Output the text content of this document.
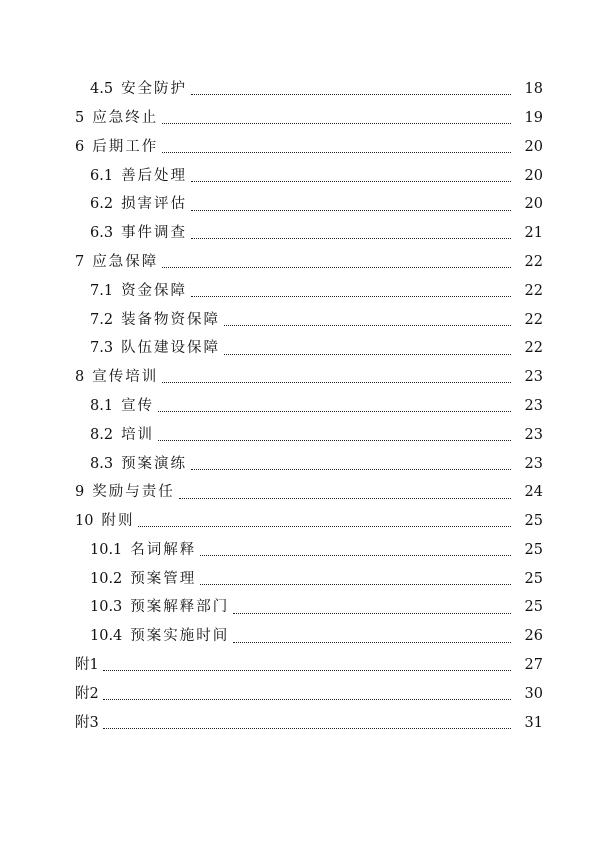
4.5 安全防护	18
5 应急终止	19
6 后期工作	20
6.1 善后处理	20
6.2 损害评估	20
6.3 事件调查	21
7 应急保障	22
7.1 资金保障	22
7.2 装备物资保障	22
7.3 队伍建设保障	22
8 宣传培训	23
8.1 宣传	23
8.2 培训	23
8.3 预案演练	23
9 奖励与责任	24
10 附则	25
10.1 名词解释	25
10.2 预案管理	25
10.3 预案解释部门	25
10.4 预案实施时间	26
附1	27
附2	30
附3	31
